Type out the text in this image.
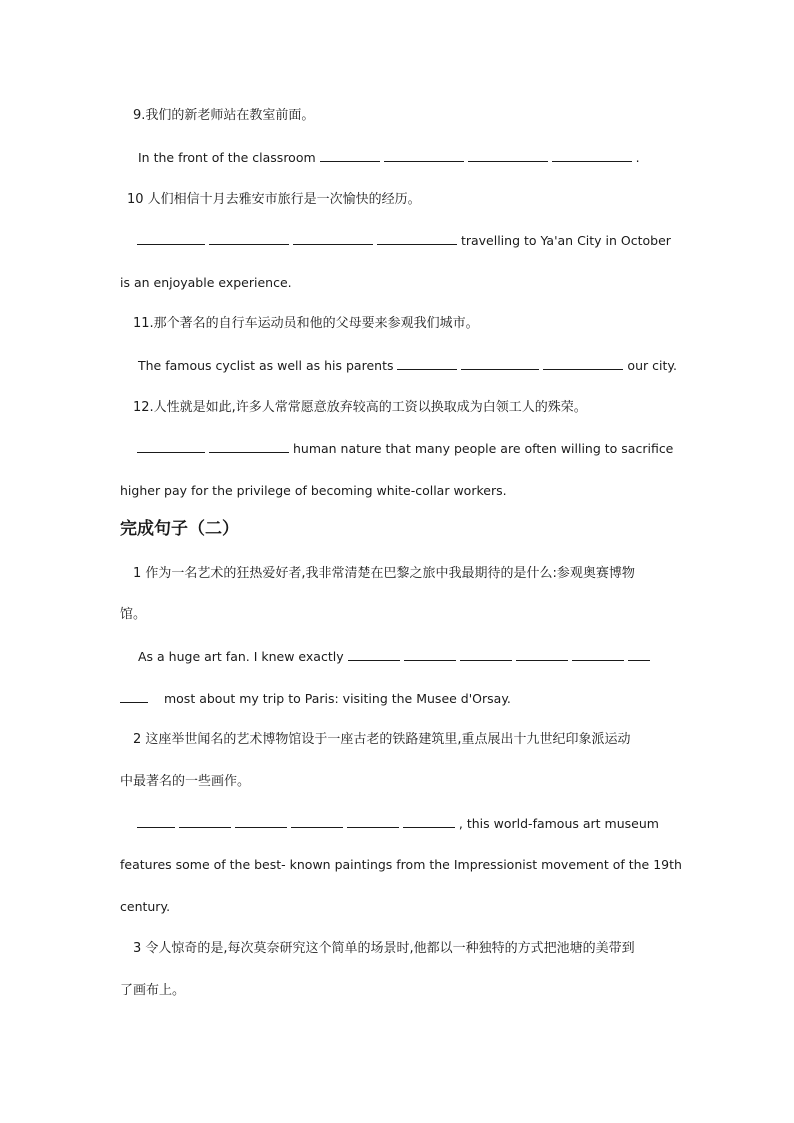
9.我们的新老师站在教室前面。
In the front of the classroom	.
10 人们相信十月去雅安市旅行是一次愉快的经历。
travelling to Ya'an City in October
is an enjoyable experience.
11.那个著名的自行车运动员和他的父母要来参观我们城市。
The famous cyclist as well as his parents	our city.
12.人性就是如此,许多人常常愿意放弃较高的工资以换取成为白领工人的殊荣。
human nature that many people are often willing to sacrifice
higher pay for the privilege of becoming white-collar workers.
完成句子（二）
1 作为一名艺术的狂热爱好者,我非常清楚在巴黎之旅中我最期待的是什么:参观奥赛博物
馆。
As a huge art fan. I knew exactly
most about my trip to Paris: visiting the Musee d'Orsay.
2 这座举世闻名的艺术博物馆设于一座古老的铁路建筑里,重点展出十九世纪印象派运动
中最著名的一些画作。
, this world-famous art museum
features some of the best- known paintings from the Impressionist movement of the 19th
century.
3 令人惊奇的是,每次莫奈研究这个简单的场景时,他都以一种独特的方式把池塘的美带到
了画布上。
